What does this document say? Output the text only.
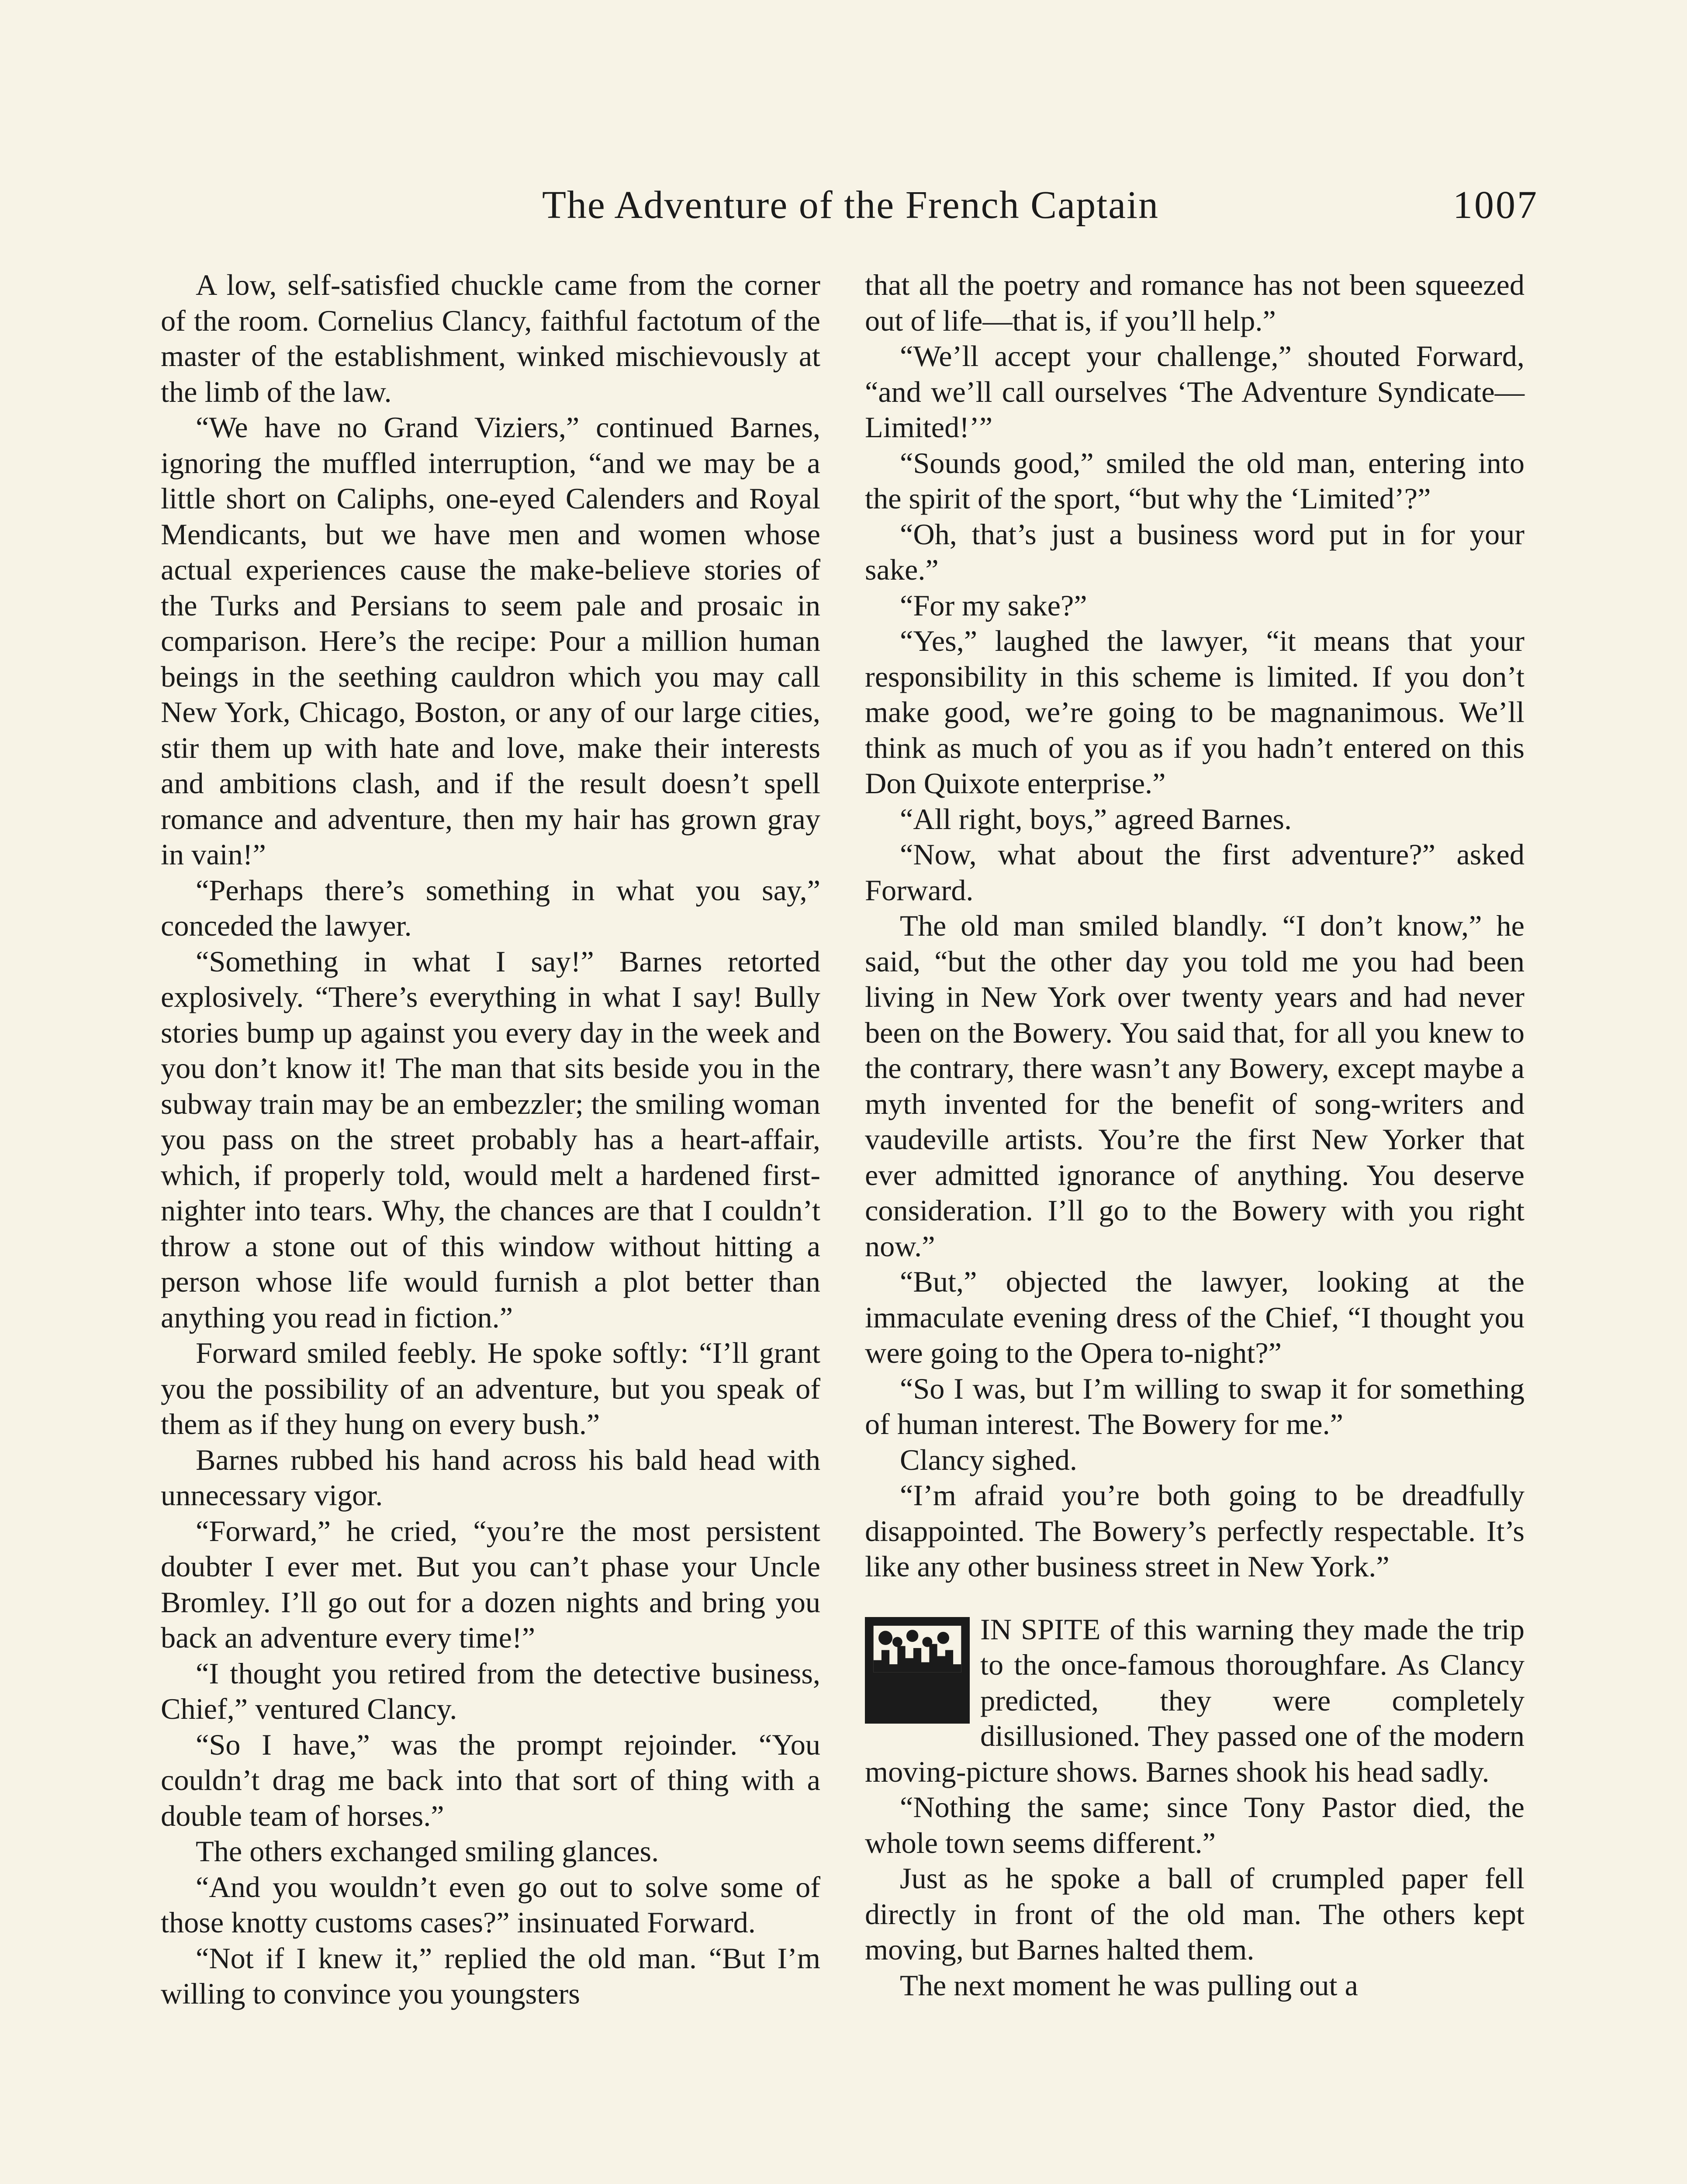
The Adventure of the French Captain	1007

A low, self-satisfied chuckle came from the corner of the room. Cornelius Clancy, faithful factotum of the master of the establishment, winked mischievously at the limb of the law.

“We have no Grand Viziers,” continued Barnes, ignoring the muffled interruption, “and we may be a little short on Caliphs, one-eyed Calenders and Royal Mendicants, but we have men and women whose actual experiences cause the make-believe stories of the Turks and Persians to seem pale and prosaic in comparison. Here’s the recipe: Pour a million human beings in the seething cauldron which you may call New York, Chicago, Boston, or any of our large cities, stir them up with hate and love, make their interests and ambitions clash, and if the result doesn’t spell romance and adventure, then my hair has grown gray in vain!”

“Perhaps there’s something in what you say,” conceded the lawyer.

“Something in what I say!” Barnes retorted explosively. “There’s everything in what I say! Bully stories bump up against you every day in the week and you don’t know it! The man that sits beside you in the subway train may be an embezzler; the smiling woman you pass on the street probably has a heart-affair, which, if properly told, would melt a hardened first-nighter into tears. Why, the chances are that I couldn’t throw a stone out of this window without hitting a person whose life would furnish a plot better than anything you read in fiction.”

Forward smiled feebly. He spoke softly: “I’ll grant you the possibility of an adventure, but you speak of them as if they hung on every bush.”

Barnes rubbed his hand across his bald head with unnecessary vigor.

“Forward,” he cried, “you’re the most persistent doubter I ever met. But you can’t phase your Uncle Bromley. I’ll go out for a dozen nights and bring you back an adventure every time!”

“I thought you retired from the detective business, Chief,” ventured Clancy.

“So I have,” was the prompt rejoinder. “You couldn’t drag me back into that sort of thing with a double team of horses.”

The others exchanged smiling glances.

“And you wouldn’t even go out to solve some of those knotty customs cases?” insinuated Forward.

“Not if I knew it,” replied the old man. “But I’m willing to convince you youngsters

that all the poetry and romance has not been squeezed out of life—that is, if you’ll help.”

“We’ll accept your challenge,” shouted Forward, “and we’ll call ourselves ‘The Adventure Syndicate—Limited!’”

“Sounds good,” smiled the old man, entering into the spirit of the sport, “but why the ‘Limited’?”

“Oh, that’s just a business word put in for your sake.”

“For my sake?”

“Yes,” laughed the lawyer, “it means that your responsibility in this scheme is limited. If you don’t make good, we’re going to be magnanimous. We’ll think as much of you as if you hadn’t entered on this Don Quixote enterprise.”

“All right, boys,” agreed Barnes.

“Now, what about the first adventure?” asked Forward.

The old man smiled blandly. “I don’t know,” he said, “but the other day you told me you had been living in New York over twenty years and had never been on the Bowery. You said that, for all you knew to the contrary, there wasn’t any Bowery, except maybe a myth invented for the benefit of song-writers and vaudeville artists. You’re the first New Yorker that ever admitted ignorance of anything. You deserve consideration. I’ll go to the Bowery with you right now.”

“But,” objected the lawyer, looking at the immaculate evening dress of the Chief, “I thought you were going to the Opera to-night?”

“So I was, but I’m willing to swap it for something of human interest. The Bowery for me.”

Clancy sighed.

“I’m afraid you’re both going to be dreadfully disappointed. The Bowery’s perfectly respectable. It’s like any other business street in New York.”

IN SPITE of this warning they made the trip to the once-famous thoroughfare. As Clancy predicted, they were completely disillusioned. They passed one of the modern moving-picture shows. Barnes shook his head sadly.

“Nothing the same; since Tony Pastor died, the whole town seems different.”

Just as he spoke a ball of crumpled paper fell directly in front of the old man. The others kept moving, but Barnes halted them.

The next moment he was pulling out a
